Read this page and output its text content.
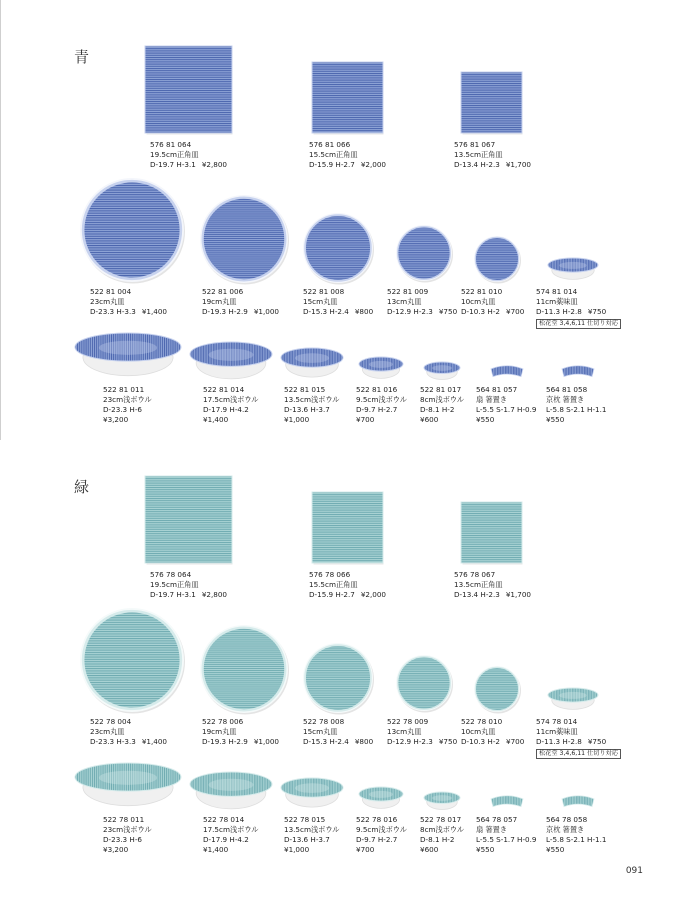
青
576 81 064
19.5cm正角皿
D-19.7 H-3.1 ¥2,800
576 81 066
15.5cm正角皿
D-15.9 H-2.7 ¥2,000
576 81 067
13.5cm正角皿
D-13.4 H-2.3 ¥1,700
522 81 004
23cm丸皿
D-23.3 H-3.3 ¥1,400
522 81 006
19cm丸皿
D-19.3 H-2.9 ¥1,000
522 81 008
15cm丸皿
D-15.3 H-2.4 ¥800
522 81 009
13cm丸皿
D-12.9 H-2.3 ¥750
522 81 010
10cm丸皿
D-10.3 H-2 ¥700
574 81 014
11cm薬味皿
D-11.3 H-2.8 ¥750
松花堂 3,4,6,11 仕切り対応
522 81 011
23cm浅ボウル
D-23.3 H-6
¥3,200
522 81 014
17.5cm浅ボウル
D-17.9 H-4.2
¥1,400
522 81 015
13.5cm浅ボウル
D-13.6 H-3.7
¥1,000
522 81 016
9.5cm浅ボウル
D-9.7 H-2.7
¥700
522 81 017
8cm浅ボウル
D-8.1 H-2
¥600
564 81 057
扇 箸置き
L-5.5 S-1.7 H-0.9
¥550
564 81 058
京枕 箸置き
L-5.8 S-2.1 H-1.1
¥550
緑
576 78 064
19.5cm正角皿
D-19.7 H-3.1 ¥2,800
576 78 066
15.5cm正角皿
D-15.9 H-2.7 ¥2,000
576 78 067
13.5cm正角皿
D-13.4 H-2.3 ¥1,700
522 78 004
23cm丸皿
D-23.3 H-3.3 ¥1,400
522 78 006
19cm丸皿
D-19.3 H-2.9 ¥1,000
522 78 008
15cm丸皿
D-15.3 H-2.4 ¥800
522 78 009
13cm丸皿
D-12.9 H-2.3 ¥750
522 78 010
10cm丸皿
D-10.3 H-2 ¥700
574 78 014
11cm薬味皿
D-11.3 H-2.8 ¥750
松花堂 3,4,6,11 仕切り対応
522 78 011
23cm浅ボウル
D-23.3 H-6
¥3,200
522 78 014
17.5cm浅ボウル
D-17.9 H-4.2
¥1,400
522 78 015
13.5cm浅ボウル
D-13.6 H-3.7
¥1,000
522 78 016
9.5cm浅ボウル
D-9.7 H-2.7
¥700
522 78 017
8cm浅ボウル
D-8.1 H-2
¥600
564 78 057
扇 箸置き
L-5.5 S-1.7 H-0.9
¥550
564 78 058
京枕 箸置き
L-5.8 S-2.1 H-1.1
¥550
091
